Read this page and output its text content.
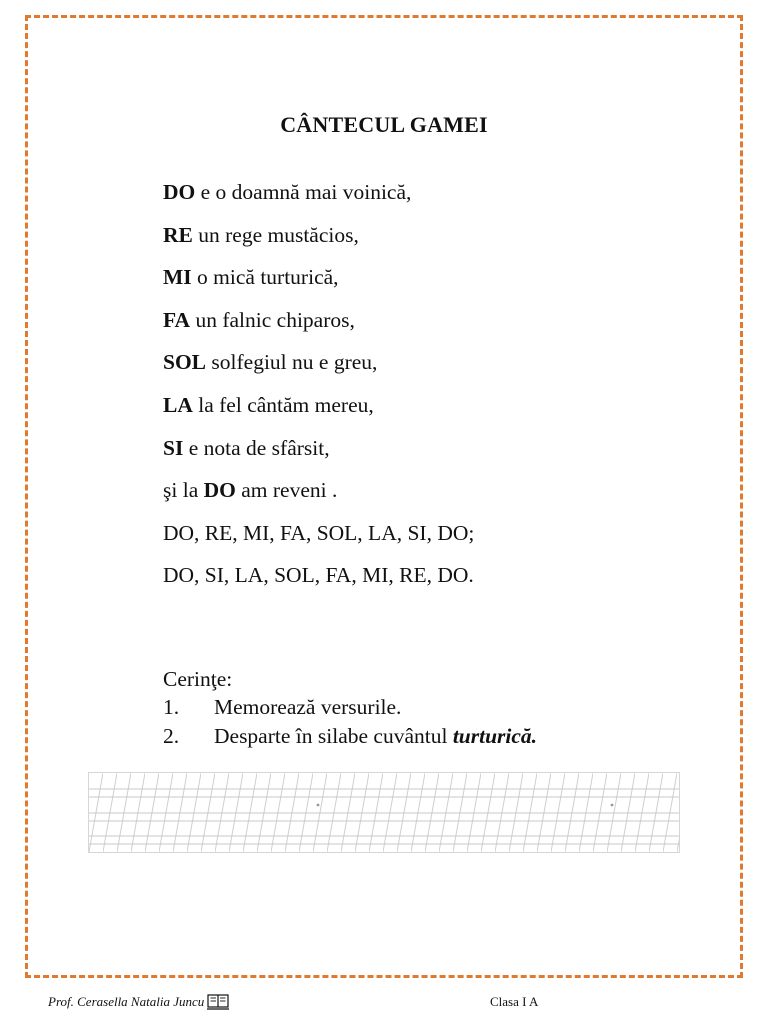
CÂNTECUL GAMEI
DO e o doamnă mai voinică,
RE un rege mustăcios,
MI o mică turturică,
FA un falnic chiparos,
SOL solfegiul nu e greu,
LA la fel cântăm mereu,
SI e nota de sfârsit,
şi la DO am reveni .
DO, RE, MI, FA, SOL, LA, SI, DO;
DO, SI, LA, SOL, FA, MI, RE, DO.
Cerinţe:
1. Memorează versurile.
2. Desparte în silabe cuvântul turturică.
Prof. Cerasella Natalia Juncu	Clasa I A
